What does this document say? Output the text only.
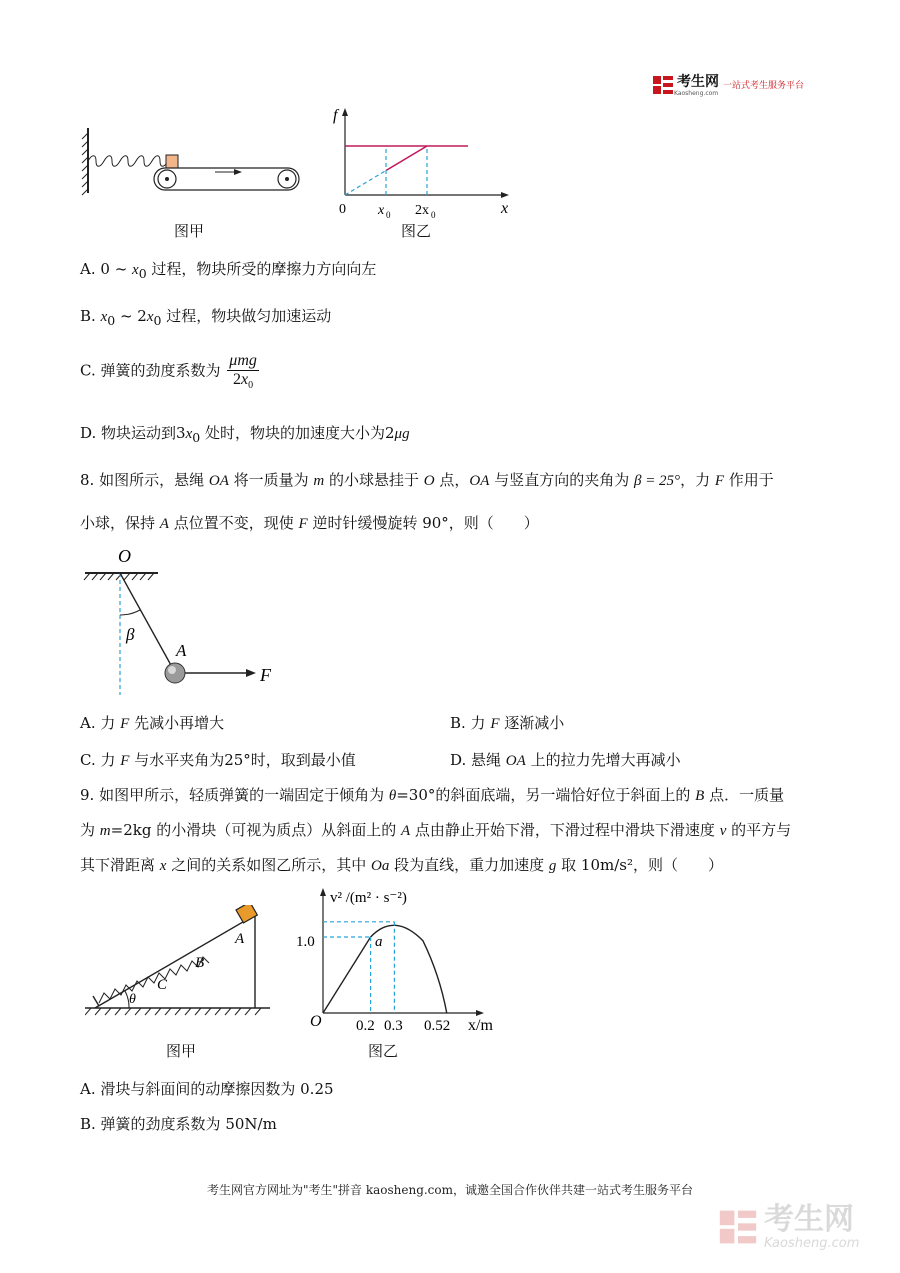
考生网
Kaosheng.com
一站式考生服务平台
图甲
f
x
0 x 0 2x 0
图乙
A. 0 ~ $x_0$ 过程，物块所受的摩擦力方向向左
B. $x_0$ ~ $2x_0$ 过程，物块做匀加速运动
C. 弹簧的劲度系数为 $\frac{\text{μmg}}{2x_0}$
D. 物块运动到$3x_0$ 处时，物块的加速度大小为2μg
8. 如图所示，悬绳 OA 将一质量为 m 的小球悬挂于 O 点，OA 与竖直方向的夹角为 β = 25°，力 F 作用于
小球，保持 A 点位置不变，现使 F 逆时针缓慢旋转 90°，则（　　）
O
β
A
F
A. 力 F 先减小再增大	B. 力 F 逐渐减小
C. 力 F 与水平夹角为25°时，取到最小值	D. 悬绳 OA 上的拉力先增大再减小
9. 如图甲所示，轻质弹簧的一端固定于倾角为 θ=30°的斜面底端，另一端恰好位于斜面上的 B 点．一质量
为 m=2kg 的小滑块（可视为质点）从斜面上的 A 点由静止开始下滑，下滑过程中滑块下滑速度 v 的平方与
其下滑距离 x 之间的关系如图乙所示，其中 Oa 段为直线，重力加速度 g 取 10m/s²，则（　　）
A
B
C
θ
图甲
v² /(m² · s⁻²)
1.0	a
O 0.2 0.3 0.52 x/m
图乙
A. 滑块与斜面间的动摩擦因数为 0.25
B. 弹簧的劲度系数为 50N/m
考生网官方网址为"考生"拼音 kaosheng.com，诚邀全国合作伙伴共建一站式考生服务平台
考生网
Kaosheng.com
